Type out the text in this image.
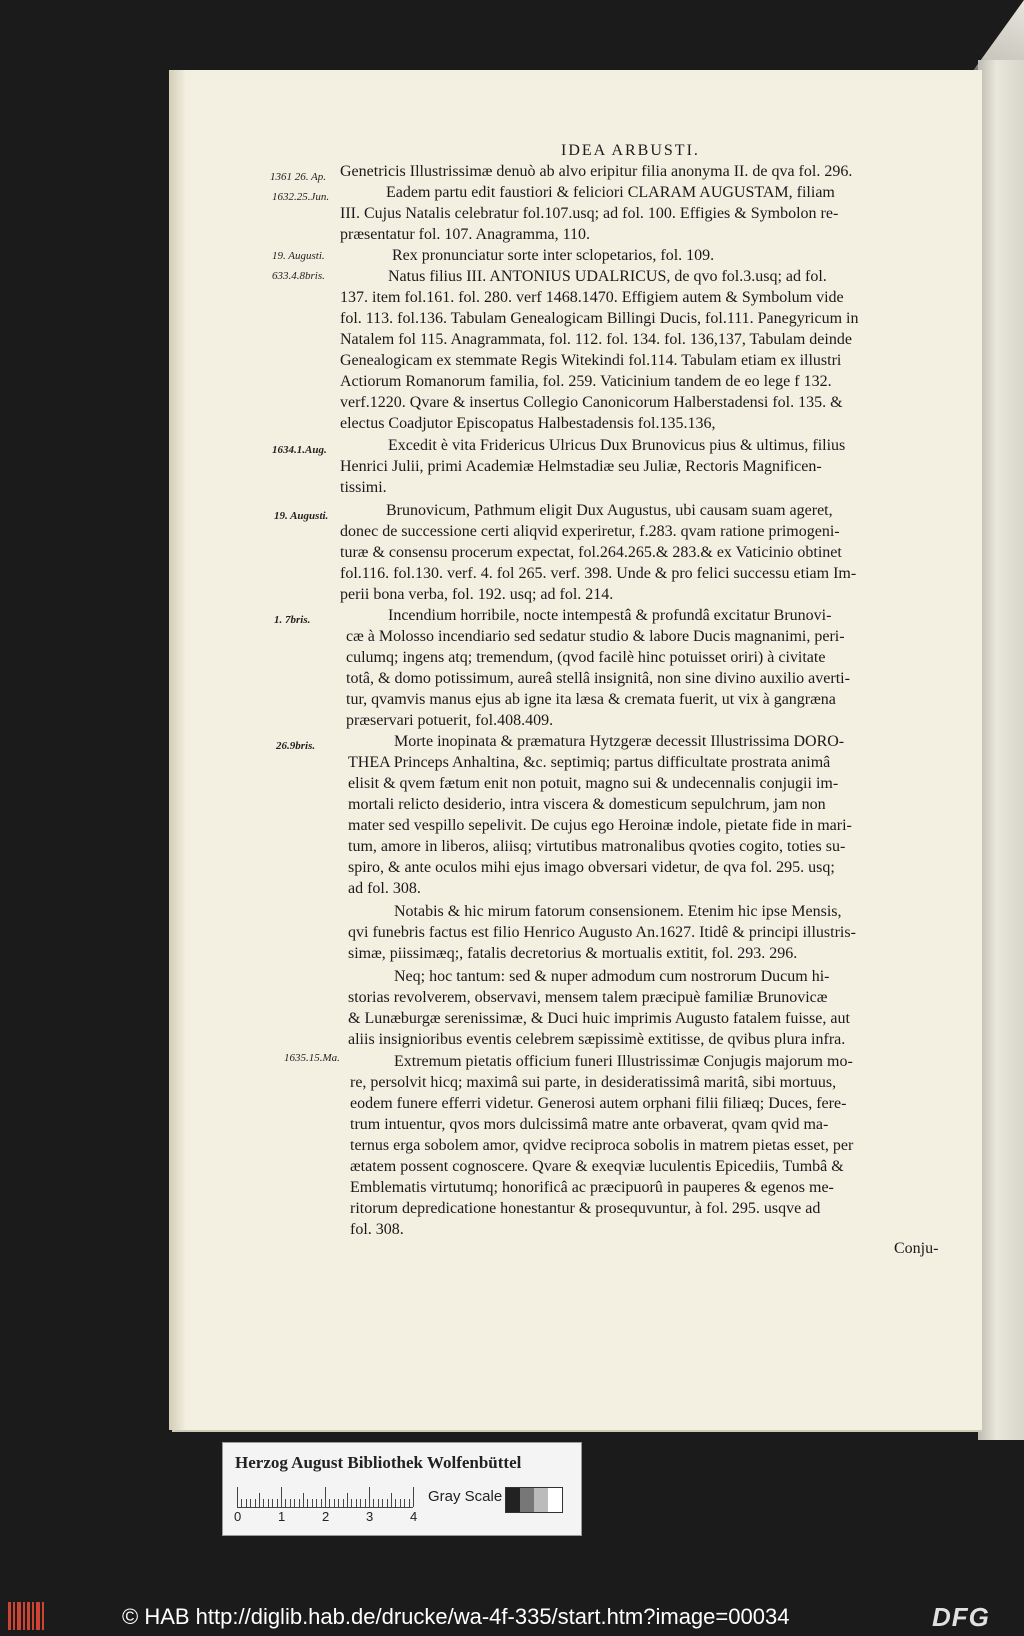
IDEA ARBUSTI.
1361 26. Ap.
1632.25.Jun.
19. Augusti.
633.4.8bris.
1634.1.Aug.
19. Augusti.
1. 7bris.
26.9bris.
1635.15.Ma.
Genetricis Illustrissimæ denuò ab alvo eripitur filia anonyma II. de qva fol. 296.
Eadem partu edit faustiori & feliciori CLARAM AUGUSTAM, filiam
III. Cujus Natalis celebratur fol.107.usq; ad fol. 100. Effigies & Symbolon re-
præsentatur fol. 107. Anagramma, 110.
Rex pronunciatur sorte inter sclopetarios, fol. 109.
Natus filius III. ANTONIUS UDALRICUS, de qvo fol.3.usq; ad fol.
137. item fol.161. fol. 280. verf 1468.1470. Effigiem autem & Symbolum vide
fol. 113. fol.136. Tabulam Genealogicam Billingi Ducis, fol.111. Panegyricum in
Natalem fol 115. Anagrammata, fol. 112. fol. 134. fol. 136,137, Tabulam deinde
Genealogicam ex stemmate Regis Witekindi fol.114. Tabulam etiam ex illustri
Actiorum Romanorum familia, fol. 259. Vaticinium tandem de eo lege f 132.
verf.1220. Qvare & insertus Collegio Canonicorum Halberstadensi fol. 135. &
electus Coadjutor Episcopatus Halbestadensis fol.135.136,
Excedit è vita Fridericus Ulricus Dux Brunovicus pius & ultimus, filius
Henrici Julii, primi Academiæ Helmstadiæ seu Juliæ, Rectoris Magnificen-
tissimi.
Brunovicum, Pathmum eligit Dux Augustus, ubi causam suam ageret,
donec de successione certi aliqvid experiretur, f.283. qvam ratione primogeni-
turæ & consensu procerum expectat, fol.264.265.& 283.& ex Vaticinio obtinet
fol.116. fol.130. verf. 4. fol 265. verf. 398. Unde & pro felici successu etiam Im-
perii bona verba, fol. 192. usq; ad fol. 214.
Incendium horribile, nocte intempestâ & profundâ excitatur Brunovi-
cæ à Molosso incendiario sed sedatur studio & labore Ducis magnanimi, peri-
culumq; ingens atq; tremendum, (qvod facilè hinc potuisset oriri) à civitate
totâ, & domo potissimum, aureâ stellâ insignitâ, non sine divino auxilio averti-
tur, qvamvis manus ejus ab igne ita læsa & cremata fuerit, ut vix à gangræna
præservari potuerit, fol.408.409.
Morte inopinata & præmatura Hytzgeræ decessit Illustrissima DORO-
THEA Princeps Anhaltina, &c. septimiq; partus difficultate prostrata animâ
elisit & qvem fætum enit non potuit, magno sui & undecennalis conjugii im-
mortali relicto desiderio, intra viscera & domesticum sepulchrum, jam non
mater sed vespillo sepelivit. De cujus ego Heroinæ indole, pietate fide in mari-
tum, amore in liberos, aliisq; virtutibus matronalibus qvoties cogito, toties su-
spiro, & ante oculos mihi ejus imago obversari videtur, de qva fol. 295. usq;
ad fol. 308.
Notabis & hic mirum fatorum consensionem. Etenim hic ipse Mensis,
qvi funebris factus est filio Henrico Augusto An.1627. Itidê & principi illustris-
simæ, piissimæq;, fatalis decretorius & mortualis extitit, fol. 293. 296.
Neq; hoc tantum: sed & nuper admodum cum nostrorum Ducum hi-
storias revolverem, observavi, mensem talem præcipuè familiæ Brunovicæ
& Lunæburgæ serenissimæ, & Duci huic imprimis Augusto fatalem fuisse, aut
aliis insignioribus eventis celebrem sæpissimè extitisse, de qvibus plura infra.
Extremum pietatis officium funeri Illustrissimæ Conjugis majorum mo-
re, persolvit hicq; maximâ sui parte, in desideratissimâ maritâ, sibi mortuus,
eodem funere efferri videtur. Generosi autem orphani filii filiæq; Duces, fere-
trum intuentur, qvos mors dulcissimâ matre ante orbaverat, qvam qvid ma-
ternus erga sobolem amor, qvidve reciproca sobolis in matrem pietas esset, per
ætatem possent cognoscere. Qvare & exeqviæ luculentis Epicediis, Tumbâ &
Emblematis virtutumq; honorificâ ac præcipuorû in pauperes & egenos me-
ritorum depredicatione honestantur & prosequvuntur, à fol. 295. usqve ad
fol. 308.
Conju-
Herzog August Bibliothek Wolfenbüttel
0	1	2	3	4
Gray Scale
© HAB http://diglib.hab.de/drucke/wa-4f-335/start.htm?image=00034	DFG
